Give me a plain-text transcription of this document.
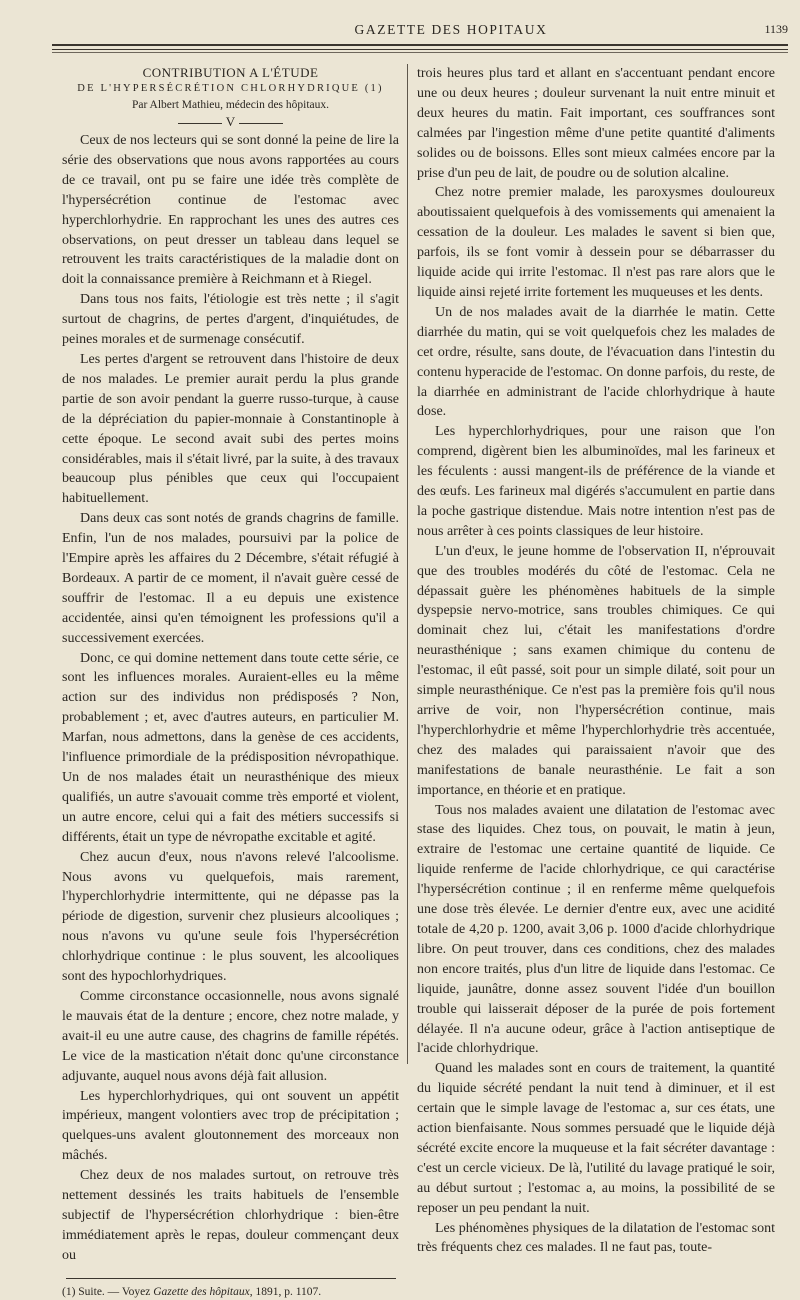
GAZETTE DES HOPITAUX	1139

CONTRIBUTION A L'ÉTUDE

DE L'HYPERSÉCRÉTION CHLORHYDRIQUE (1)

Par Albert Mathieu, médecin des hôpitaux.

V

Ceux de nos lecteurs qui se sont donné la peine de lire la série des observations que nous avons rapportées au cours de ce travail, ont pu se faire une idée très complète de l'hypersécrétion continue de l'estomac avec hyperchlorhydrie. En rapprochant les unes des autres ces observations, on peut dresser un tableau dans lequel se retrouvent les traits caractéristiques de la maladie dont on doit la connaissance première à Reichmann et à Riegel.

Dans tous nos faits, l'étiologie est très nette ; il s'agit surtout de chagrins, de pertes d'argent, d'inquiétudes, de peines morales et de surmenage consécutif.

Les pertes d'argent se retrouvent dans l'histoire de deux de nos malades. Le premier aurait perdu la plus grande partie de son avoir pendant la guerre russo-turque, à cause de la dépréciation du papier-monnaie à Constantinople à cette époque. Le second avait subi des pertes moins considérables, mais il s'était livré, par la suite, à des travaux beaucoup plus pénibles que ceux qui l'occupaient habituellement.

Dans deux cas sont notés de grands chagrins de famille. Enfin, l'un de nos malades, poursuivi par la police de l'Empire après les affaires du 2 Décembre, s'était réfugié à Bordeaux. A partir de ce moment, il n'avait guère cessé de souffrir de l'estomac. Il a eu depuis une existence accidentée, ainsi qu'en témoignent les professions qu'il a successivement exercées.

Donc, ce qui domine nettement dans toute cette série, ce sont les influences morales. Auraient-elles eu la même action sur des individus non prédisposés ? Non, probablement ; et, avec d'autres auteurs, en particulier M. Marfan, nous admettons, dans la genèse de ces accidents, l'influence primordiale de la prédisposition névropathique. Un de nos malades était un neurasthénique des mieux qualifiés, un autre s'avouait comme très emporté et violent, un autre encore, celui qui a fait des métiers successifs si différents, était un type de névropathe excitable et agité.

Chez aucun d'eux, nous n'avons relevé l'alcoolisme. Nous avons vu quelquefois, mais rarement, l'hyperchlorhydrie intermittente, qui ne dépasse pas la période de digestion, survenir chez plusieurs alcooliques ; nous n'avons vu qu'une seule fois l'hypersécrétion chlorhydrique continue : le plus souvent, les alcooliques sont des hypochlorhydriques.

Comme circonstance occasionnelle, nous avons signalé le mauvais état de la denture ; encore, chez notre malade, y avait-il eu une autre cause, des chagrins de famille répétés. Le vice de la mastication n'était donc qu'une circonstance adjuvante, auquel nous avons déjà fait allusion.

Les hyperchlorhydriques, qui ont souvent un appétit impérieux, mangent volontiers avec trop de précipitation ; quelques-uns avalent gloutonnement des morceaux non mâchés.

Chez deux de nos malades surtout, on retrouve très nettement dessinés les traits habituels de l'ensemble subjectif de l'hypersécrétion chlorhydrique : bien-être immédiatement après le repas, douleur commençant deux ou

(1) Suite. — Voyez Gazette des hôpitaux, 1891, p. 1107.

trois heures plus tard et allant en s'accentuant pendant encore une ou deux heures ; douleur survenant la nuit entre minuit et deux heures du matin. Fait important, ces souffrances sont calmées par l'ingestion même d'une petite quantité d'aliments solides ou de boissons. Elles sont mieux calmées encore par la prise d'un peu de lait, de poudre ou de solution alcaline.

Chez notre premier malade, les paroxysmes douloureux aboutissaient quelquefois à des vomissements qui amenaient la cessation de la douleur. Les malades le savent si bien que, parfois, ils se font vomir à dessein pour se débarrasser du liquide acide qui irrite l'estomac. Il n'est pas rare alors que le liquide ainsi rejeté irrite fortement les muqueuses et les dents.

Un de nos malades avait de la diarrhée le matin. Cette diarrhée du matin, qui se voit quelquefois chez les malades de cet ordre, résulte, sans doute, de l'évacuation dans l'intestin du contenu hyperacide de l'estomac. On donne parfois, du reste, de la diarrhée en administrant de l'acide chlorhydrique à haute dose.

Les hyperchlorhydriques, pour une raison que l'on comprend, digèrent bien les albuminoïdes, mal les farineux et les féculents : aussi mangent-ils de préférence de la viande et des œufs. Les farineux mal digérés s'accumulent en partie dans la poche gastrique distendue. Mais notre intention n'est pas de nous arrêter à ces points classiques de leur histoire.

L'un d'eux, le jeune homme de l'observation II, n'éprouvait que des troubles modérés du côté de l'estomac. Cela ne dépassait guère les phénomènes habituels de la simple dyspepsie nervo-motrice, sans troubles chimiques. Ce qui dominait chez lui, c'était les manifestations d'ordre neurasthénique ; sans examen chimique du contenu de l'estomac, il eût passé, soit pour un simple dilaté, soit pour un simple neurasthénique. Ce n'est pas la première fois qu'il nous arrive de voir, non l'hypersécrétion continue, mais l'hyperchlorhydrie et même l'hyperchlorhydrie très accentuée, chez des malades qui paraissaient n'avoir que des manifestations de banale neurasthénie. Le fait a son importance, en théorie et en pratique.

Tous nos malades avaient une dilatation de l'estomac avec stase des liquides. Chez tous, on pouvait, le matin à jeun, extraire de l'estomac une certaine quantité de liquide. Ce liquide renferme de l'acide chlorhydrique, ce qui caractérise l'hypersécrétion continue ; il en renferme même quelquefois une dose très élevée. Le dernier d'entre eux, avec une acidité totale de 4,20 p. 1200, avait 3,06 p. 1000 d'acide chlorhydrique libre. On peut trouver, dans ces conditions, chez des malades non encore traités, plus d'un litre de liquide dans l'estomac. Ce liquide, jaunâtre, donne assez souvent l'idée d'un bouillon trouble qui laisserait déposer de la purée de pois fortement délayée. Il n'a aucune odeur, grâce à l'action antiseptique de l'acide chlorhydrique.

Quand les malades sont en cours de traitement, la quantité du liquide sécrété pendant la nuit tend à diminuer, et il est certain que le simple lavage de l'estomac a, sur ces états, une action bienfaisante. Nous sommes persuadé que le liquide déjà sécrété excite encore la muqueuse et la fait sécréter davantage : c'est un cercle vicieux. De là, l'utilité du lavage pratiqué le soir, au début surtout ; l'estomac a, au moins, la possibilité de se reposer un peu pendant la nuit.

Les phénomènes physiques de la dilatation de l'estomac sont très fréquents chez ces malades. Il ne faut pas, toute-
